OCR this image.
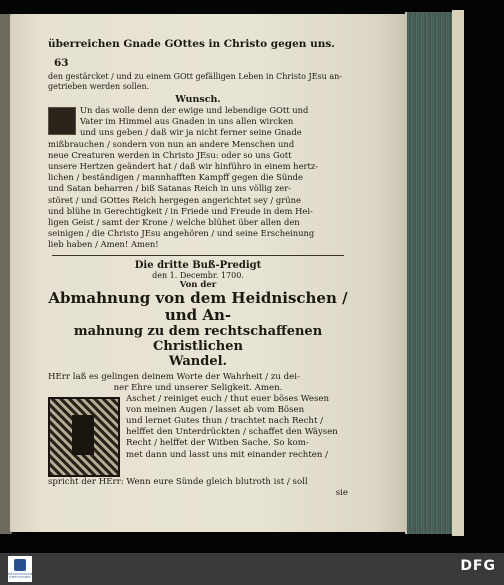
überreichen Gnade GOttes in Christo gegen uns. 63
den gestärcket / und zu einem GOtt gefälligen Leben in Christo JEsu an-
getrieben werden sollen.
Wunsch.
Un das wolle denn der ewige und lebendige GOtt und
Vater im Himmel aus Gnaden in uns allen wircken
und uns geben / daß wir ja nicht ferner seine Gnade
mißbrauchen / sondern von nun an andere Menschen und
neue Creaturen werden in Christo JEsu: oder so uns Gott
unsere Hertzen geändert hat / daß wir hinführo in einem hertz-
lichen / beständigen / mannhafften Kampff gegen die Sünde
und Satan beharren / biß Satanas Reich in uns völlig zer-
störet / und GOttes Reich hergegen angerichtet sey / grüne
und blühe in Gerechtigkeit / in Friede und Freude in dem Hei-
ligen Geist / samt der Krone / welche blühet über allen den
seinigen / die Christo JEsu angehören / und seine Erscheinung
lieb haben / Amen! Amen!
Die dritte Buß-Predigt
den 1. Decembr. 1700.
Von der
Abmahnung von dem Heidnischen / und An-
mahnung zu dem rechtschaffenen Christlichen
Wandel.
HErr laß es gelingen deinem Worte der Wahrheit / zu dei-
ner Ehre und unserer Seligkeit. Amen.
Aschet / reiniget euch / thut euer böses Wesen
von meinen Augen / lasset ab vom Bösen
und lernet Gutes thun / trachtet nach Recht /
helffet den Unterdrückten / schaffet den Wäysen
Recht / helffet der Witben Sache. So kom-
met dann und lasst uns mit einander rechten /
spricht der HErr: Wenn eure Sünde gleich blutroth ist / soll
sie
FRANCKESCHE STIFTUNGEN
DFG
